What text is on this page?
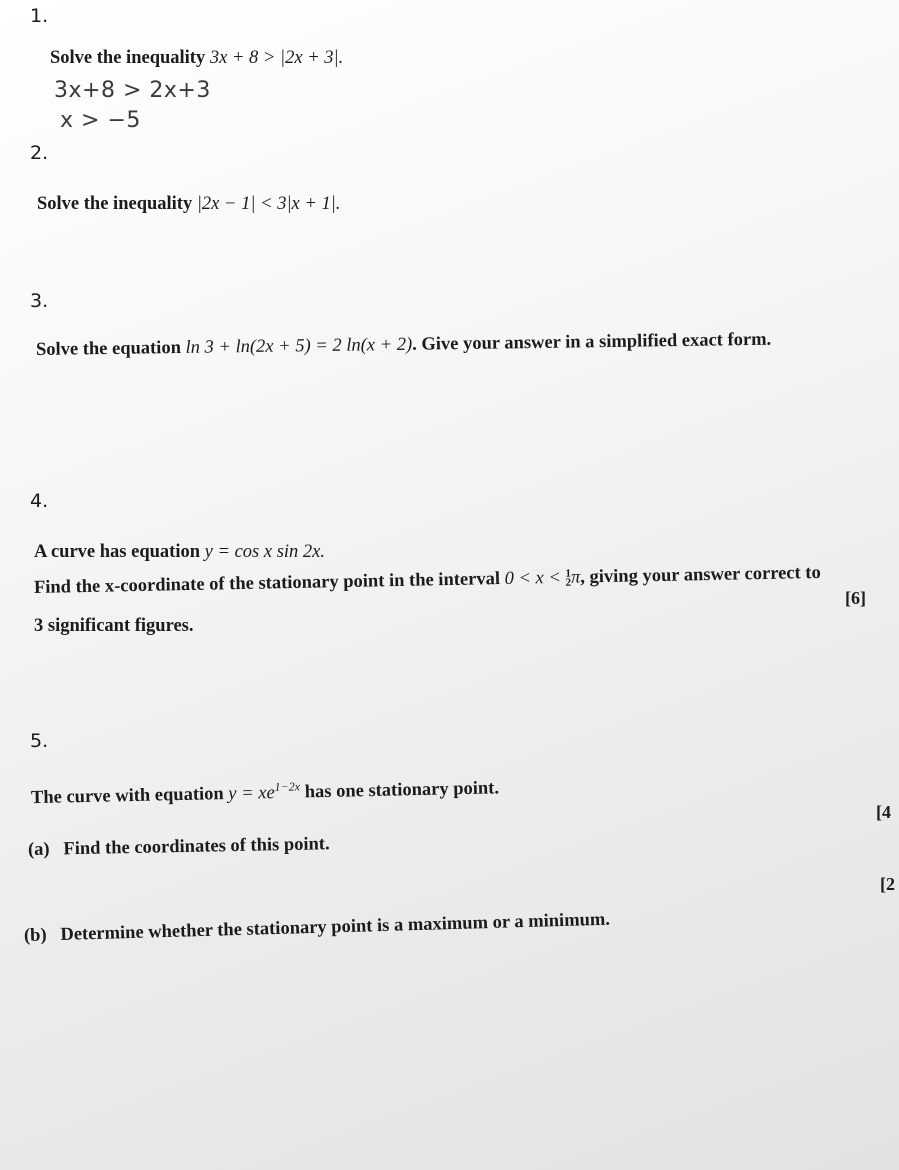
1.
Solve the inequality 3x + 8 > |2x + 3|.
3x+8 > 2x+3
x > −5
2.
Solve the inequality |2x − 1| < 3|x + 1|.
3.
Solve the equation ln 3 + ln(2x + 5) = 2 ln(x + 2). Give your answer in a simplified exact form.
4.
A curve has equation y = cos x sin 2x.
Find the x-coordinate of the stationary point in the interval 0 < x < 1
2π, giving your answer correct to
[6]
3 significant figures.
5.
The curve with equation $y = xe^{1-2x}$ has one stationary point.
[4
(a) Find the coordinates of this point.
[2
(b) Determine whether the stationary point is a maximum or a minimum.
